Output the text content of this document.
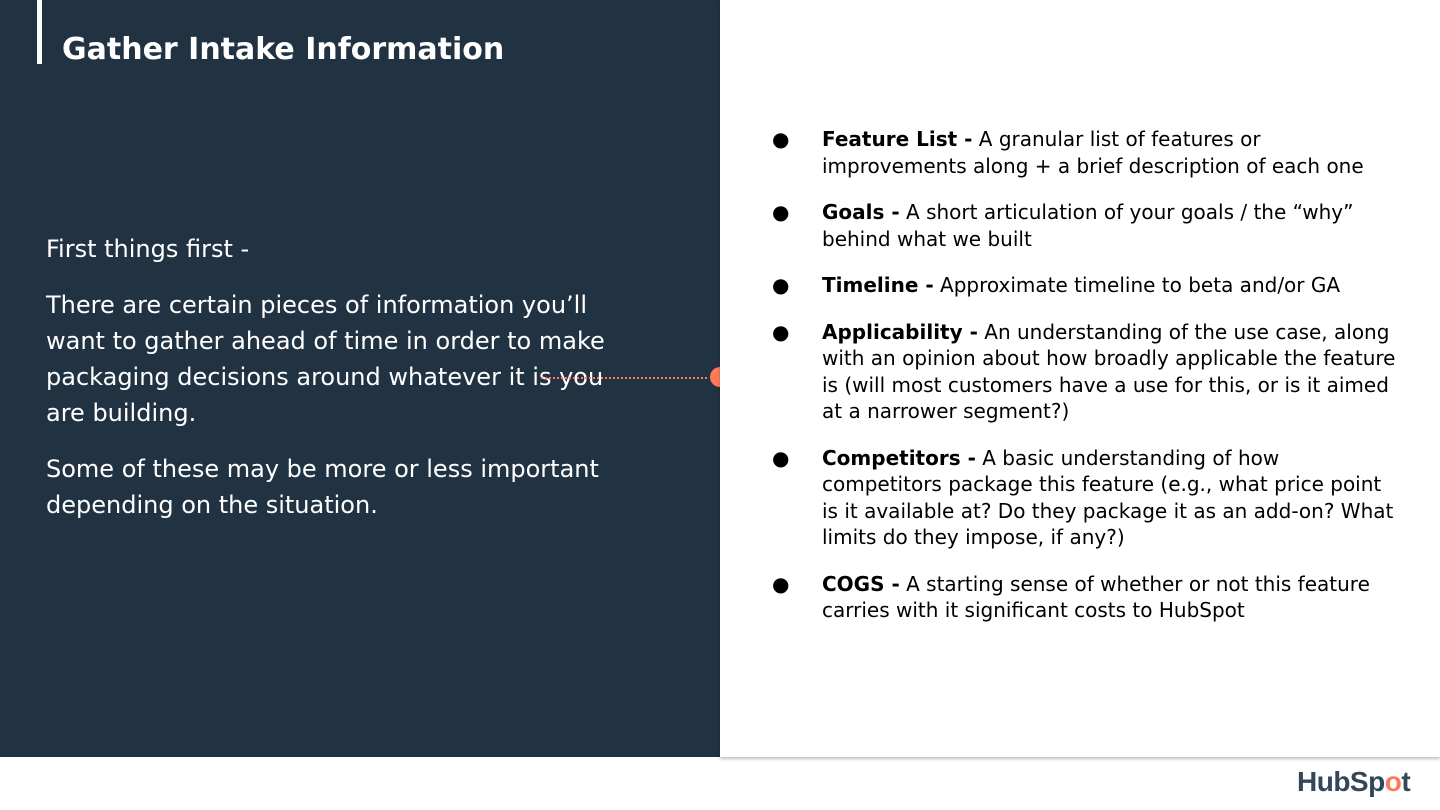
Gather Intake Information

First things first -

There are certain pieces of information you’ll want to gather ahead of time in order to make packaging decisions around whatever it is you are building.

Some of these may be more or less important depending on the situation.

● Feature List - A granular list of features or improvements along + a brief description of each one
● Goals - A short articulation of your goals / the “why” behind what we built
● Timeline - Approximate timeline to beta and/or GA
● Applicability - An understanding of the use case, along with an opinion about how broadly applicable the feature is (will most customers have a use for this, or is it aimed at a narrower segment?)
● Competitors - A basic understanding of how competitors package this feature (e.g., what price point is it available at? Do they package it as an add-on? What limits do they impose, if any?)
● COGS - A starting sense of whether or not this feature carries with it significant costs to HubSpot
HubSpot
